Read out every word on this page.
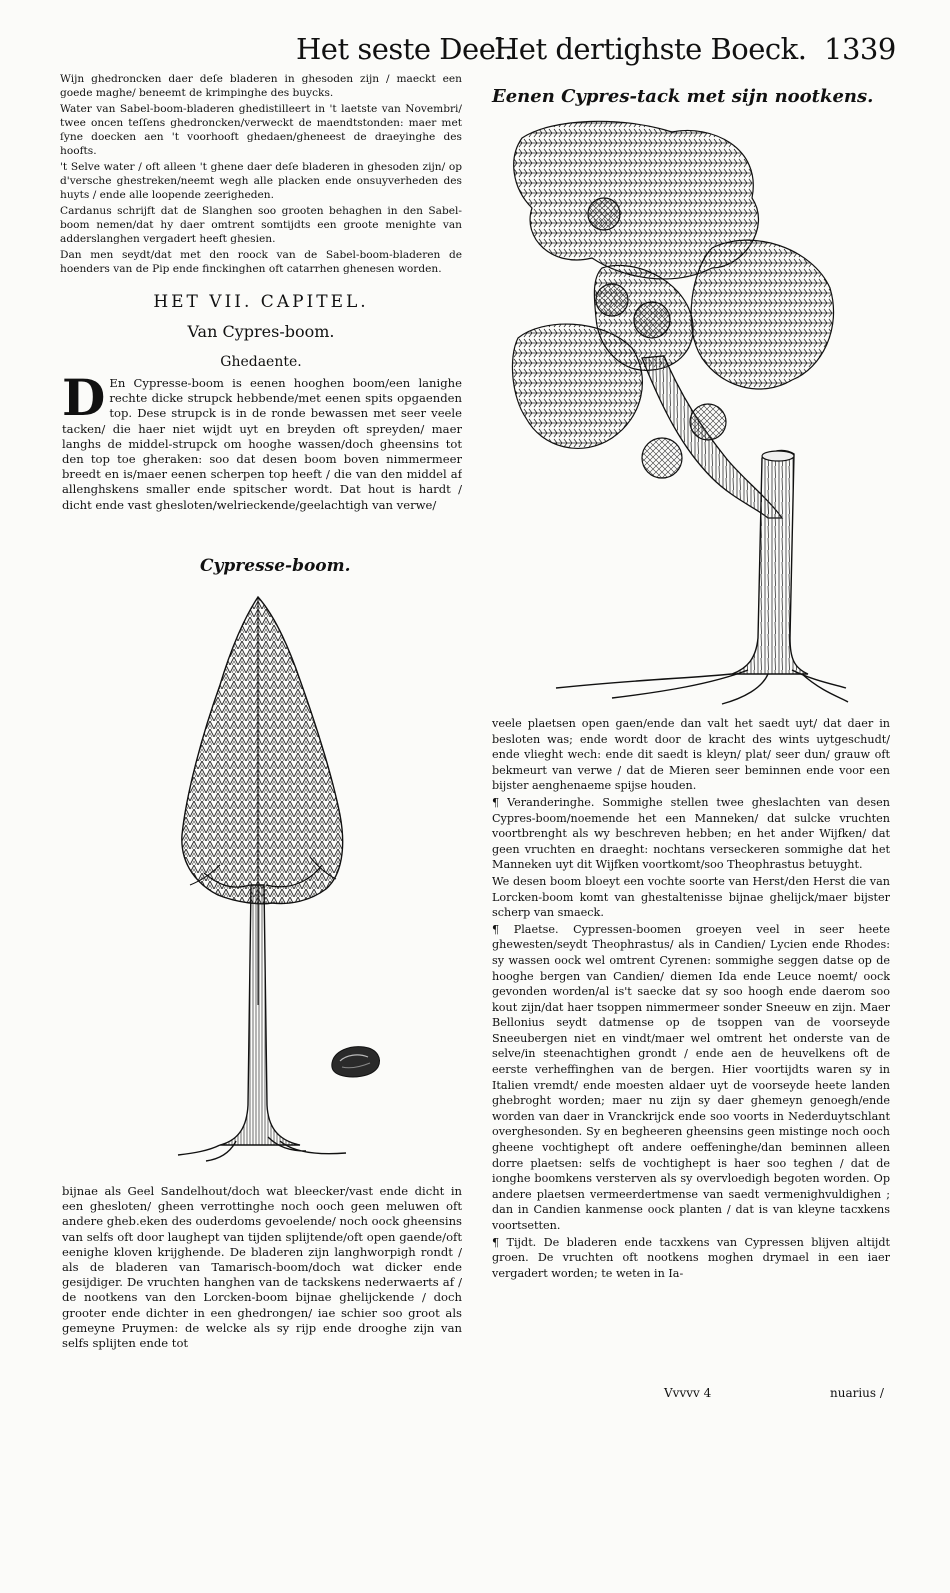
Het seste Deel.
Het dertighste Boeck. 1339

Wijn ghedroncken daer deſe bladeren in ghesoden zijn / maeckt een goede maghe/ beneemt de krimpinghe des buycks.

Water van Sabel-boom-bladeren ghedistilleert in 't laetste van Novembri/ twee oncen teſſens ghedroncken/verweckt de maendtstonden: maer met ſyne doecken aen 't voorhooft ghedaen/gheneest de draeyinghe des hoofts.

't Selve water / oft alleen 't ghene daer deſe bladeren in ghesoden zijn/ op d'versche ghestreken/neemt wegh alle placken ende onsuyverheden des huyts / ende alle loopende zeerigheden.

Cardanus schrijft dat de Slanghen soo grooten behaghen in den Sabel-boom nemen/dat hy daer omtrent somtijdts een groote menighte van adderslanghen vergadert heeft ghesien.

Dan men seydt/dat met den roock van de Sabel-boom-bladeren de hoenders van de Pip ende finckinghen oft catarrhen ghenesen worden.

HET VII. CAPITEL.
Van Cypres-boom.
Ghedaente.
D En Cypresse-boom is eenen hooghen boom/een lanighe rechte dicke strupck hebbende/met eenen spits opgaenden top. Dese strupck is in de ronde bewassen met seer veele tacken/ die haer niet wijdt uyt en breyden oft spreyden/ maer langhs de middel-strupck om hooghe wassen/doch gheensins tot den top toe gheraken: soo dat desen boom boven nimmermeer breedt en is/maer eenen scherpen top heeft / die van den middel af allenghskens smaller ende spitscher wordt. Dat hout is hardt / dicht ende vast ghesloten/welrieckende/geelachtigh van verwe/
Cypresse-boom.

bijnae als Geel Sandelhout/doch wat bleecker/vast ende dicht in een ghesloten/ gheen verrottinghe noch ooch geen meluwen oft andere gheb.eken des ouderdoms gevoelende/ noch oock gheensins van selfs oft door laughept van tijden splijtende/oft open gaende/oft eenighe kloven krijghende. De bladeren zijn langhworpigh rondt / als de bladeren van Tamarisch-boom/doch wat dicker ende gesijdiger. De vruchten hanghen van de tackskens nederwaerts af / de nootkens van den Lorcken-boom bijnae ghelijckende / doch grooter ende dichter in een ghedrongen/ iae schier soo groot als gemeyne Pruymen: de welcke als sy rijp ende drooghe zijn van selfs splijten ende tot

Eenen Cypres-tack met sijn nootkens.

veele plaetsen open gaen/ende dan valt het saedt uyt/ dat daer in besloten was; ende wordt door de kracht des wints uytgeschudt/ ende vlieght wech: ende dit saedt is kleyn/ plat/ seer dun/ grauw oft bekmeurt van verwe / dat de Mieren seer beminnen ende voor een bijster aenghenaeme spijse houden.

¶ Veranderinghe. Sommighe stellen twee gheslachten van desen Cypres-boom/noemende het een Manneken/ dat sulcke vruchten voortbrenght als wy beschreven hebben; en het ander Wijfken/ dat geen vruchten en draeght: nochtans verseckeren sommighe dat het Manneken uyt dit Wijfken voortkomt/soo Theophrastus betuyght.

We desen boom bloeyt een vochte soorte van Herst/den Herst die van Lorcken-boom komt van ghestaltenisse bijnae ghelijck/maer bijster scherp van smaeck.

¶ Plaetse. Cypressen-boomen groeyen veel in seer heete ghewesten/seydt Theophrastus/ als in Candien/ Lycien ende Rhodes: sy wassen oock wel omtrent Cyrenen: sommighe seggen datse op de hooghe bergen van Candien/ diemen Ida ende Leuce noemt/ oock gevonden worden/al is't saecke dat sy soo hoogh ende daerom soo kout zijn/dat haer tsoppen nimmermeer sonder Sneeuw en zijn. Maer Bellonius seydt datmense op de tsoppen van de voorseyde Sneeubergen niet en vindt/maer wel omtrent het onderste van de selve/in steenachtighen grondt / ende aen de heuvelkens oft de eerste verheffinghen van de bergen. Hier voortijdts waren sy in Italien vremdt/ ende moesten aldaer uyt de voorseyde heete landen ghebroght worden; maer nu zijn sy daer ghemeyn genoegh/ende worden van daer in Vranckrijck ende soo voorts in Nederduytschlant overghesonden. Sy en begheeren gheensins geen mistinge noch ooch gheene vochtighept oft andere oeffeninghe/dan beminnen alleen dorre plaetsen: selfs de vochtighept is haer soo teghen / dat de ionghe boomkens versterven als sy overvloedigh begoten worden. Op andere plaetsen vermeerdertmense van saedt vermenighvuldighen ; dan in Candien kanmense oock planten / dat is van kleyne tacxkens voortsetten.

¶ Tijdt. De bladeren ende tacxkens van Cypressen blijven altijdt groen. De vruchten oft nootkens moghen drymael in een iaer vergadert worden; te weten in Ia-

Vvvvv 4	nuarius /
